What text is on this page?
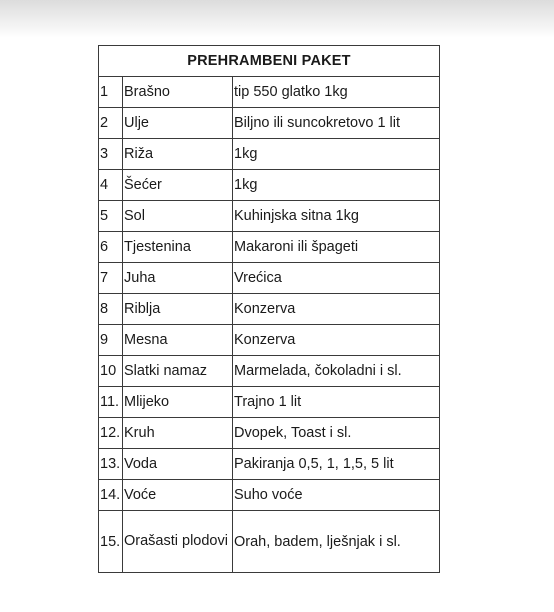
PREHRAMBENI PAKET		
1	Brašno	tip 550 glatko 1kg
2	Ulje	Biljno ili suncokretovo 1 lit
3	Riža	1kg
4	Šećer	1kg
5	Sol	Kuhinjska sitna 1kg
6	Tjestenina	Makaroni ili špageti
7	Juha	Vrećica
8	Riblja	Konzerva
9	Mesna	Konzerva
10	Slatki namaz	Marmelada, čokoladni i sl.
11.	Mlijeko	Trajno 1 lit
12.	Kruh	Dvopek, Toast i sl.
13.	Voda	Pakiranja 0,5, 1, 1,5, 5 lit
14.	Voće	Suho voće
15.	Orašasti plodovi	Orah, badem, lješnjak i sl.
